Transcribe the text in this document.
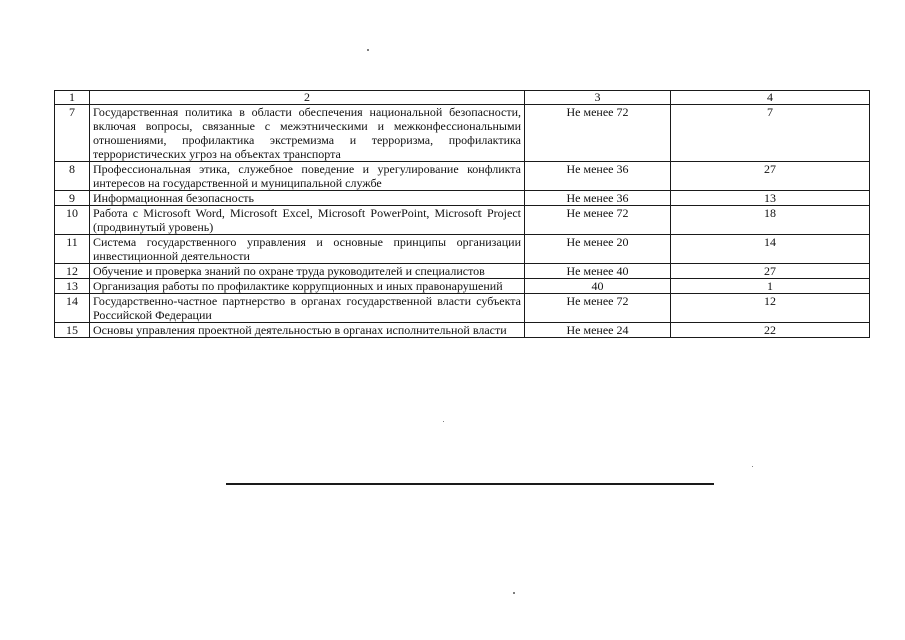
1	2	3	4
7	Государственная политика в области обеспечения национальной безопасности, включая вопросы, связанные с межэтническими и межконфессиональными отношениями, профилактика экстремизма и терроризма, профилактика террористических угроз на объектах транспорта	Не менее 72	7
8	Профессиональная этика, служебное поведение и урегулирование конфликта интересов на государственной и муниципальной службе	Не менее 36	27
9	Информационная безопасность	Не менее 36	13
10	Работа с Microsoft Word, Microsoft Excel, Microsoft PowerPoint, Microsoft Project (продвинутый уровень)	Не менее 72	18
11	Система государственного управления и основные принципы организации инвестиционной деятельности	Не менее 20	14
12	Обучение и проверка знаний по охране труда руководителей и специалистов	Не менее 40	27
13	Организация работы по профилактике коррупционных и иных правонарушений	40	1
14	Государственно-частное партнерство в органах государственной власти субъекта Российской Федерации	Не менее 72	12
15	Основы управления проектной деятельностью в органах исполнительной власти	Не менее 24	22
